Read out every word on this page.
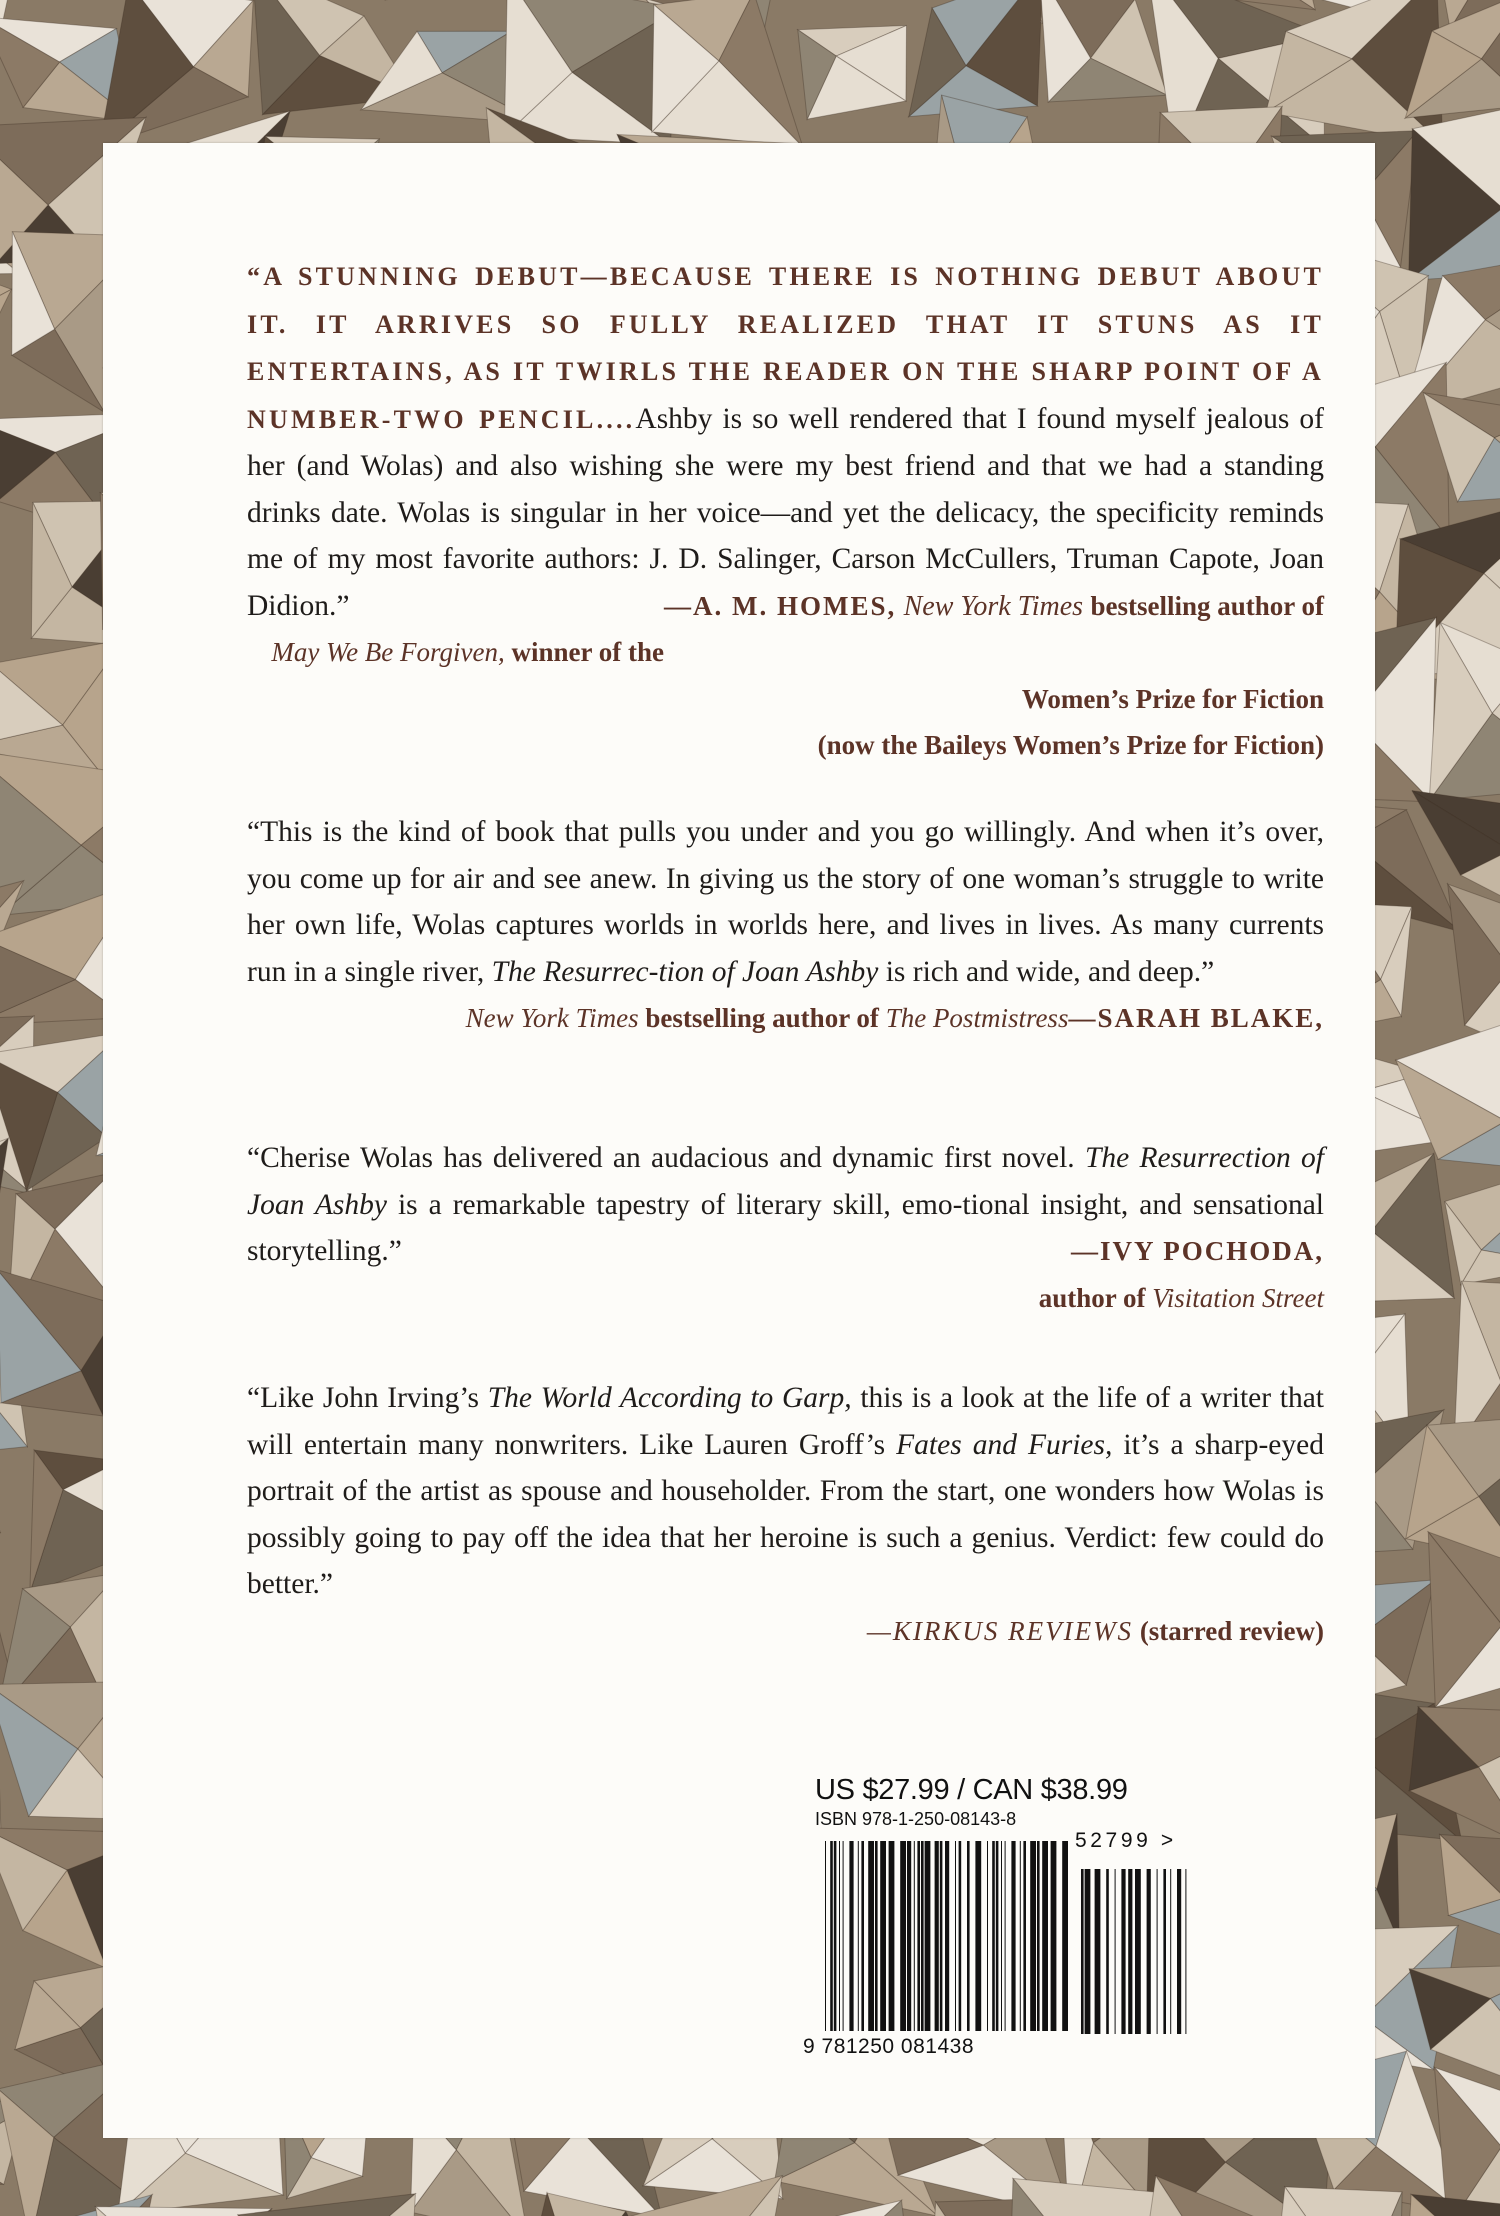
“A STUNNING DEBUT—BECAUSE THERE IS NOTHING DEBUT ABOUT IT. IT ARRIVES SO FULLY REALIZED THAT IT STUNS AS IT ENTERTAINS, AS IT TWIRLS THE READER ON THE SHARP POINT OF A NUMBER-TWO PENCIL....Ashby is so well rendered that I found myself jealous of her (and Wolas) and also wishing she were my best friend and that we had a standing drinks date. Wolas is singular in her voice—and yet the delicacy, the specificity reminds me of my most favorite authors: J. D. Salinger, Carson McCullers, Truman Capote, Joan Didion.”	—A. M. HOMES, New York Times bestselling author of

May We Be Forgiven, winner of the Women’s Prize for Fiction
(now the Baileys Women’s Prize for Fiction)

“This is the kind of book that pulls you under and you go willingly. And when it’s over, you come up for air and see anew. In giving us the story of one woman’s struggle to write her own life, Wolas captures worlds in worlds here, and lives in lives. As many currents run in a single river, The Resurrec-tion of Joan Ashby is rich and wide, and deep.”
—SARAH BLAKE,

New York Times bestselling author of The Postmistress

“Cherise Wolas has delivered an audacious and dynamic first novel. The Resurrection of Joan Ashby is a remarkable tapestry of literary skill, emo-tional insight, and sensational storytelling.”	—IVY POCHODA,

author of Visitation Street

“Like John Irving’s The World According to Garp, this is a look at the life of a writer that will entertain many nonwriters. Like Lauren Groff’s Fates and Furies, it’s a sharp-eyed portrait of the artist as spouse and householder. From the start, one wonders how Wolas is possibly going to pay off the idea that her heroine is such a genius. Verdict: few could do better.”

—KIRKUS REVIEWS (starred review)
US $27.99 / CAN $38.99
ISBN 978-1-250-08143-8
9 781250 081438
52799 >
